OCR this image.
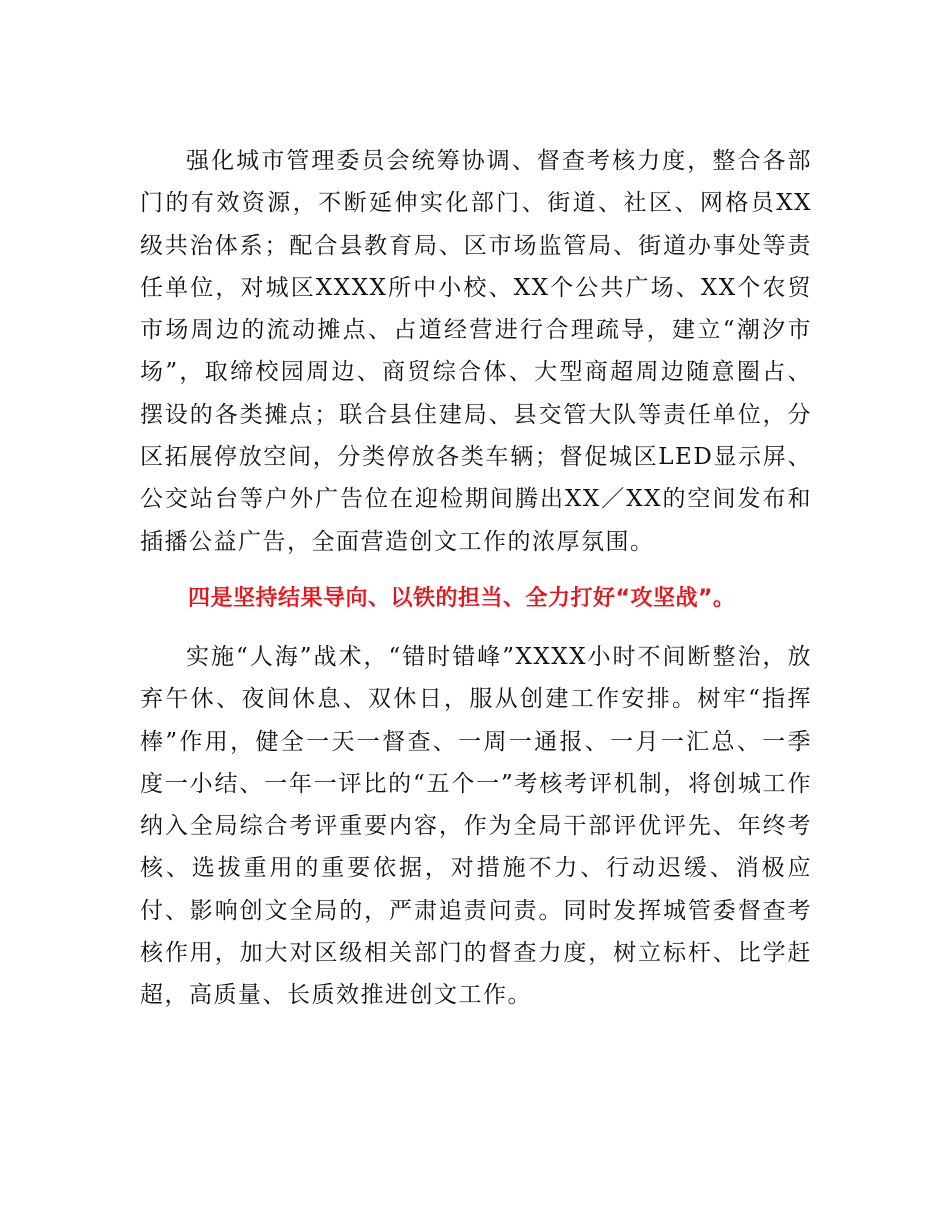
强化城市管理委员会统筹协调、督查考核力度，整合各部门的有效资源，不断延伸实化部门、街道、社区、网格员XX级共治体系；配合县教育局、区市场监管局、街道办事处等责任单位，对城区XXXX所中小校、XX个公共广场、XX个农贸市场周边的流动摊点、占道经营进行合理疏导，建立“潮汐市场”，取缔校园周边、商贸综合体、大型商超周边随意圈占、摆设的各类摊点；联合县住建局、县交管大队等责任单位，分区拓展停放空间，分类停放各类车辆；督促城区LED显示屏、公交站台等户外广告位在迎检期间腾出XX／XX的空间发布和插播公益广告，全面营造创文工作的浓厚氛围。

四是坚持结果导向、以铁的担当、全力打好“攻坚战”。

实施“人海”战术，“错时错峰”XXXX小时不间断整治，放弃午休、夜间休息、双休日，服从创建工作安排。树牢“指挥棒”作用，健全一天一督查、一周一通报、一月一汇总、一季度一小结、一年一评比的“五个一”考核考评机制，将创城工作纳入全局综合考评重要内容，作为全局干部评优评先、年终考核、选拔重用的重要依据，对措施不力、行动迟缓、消极应付、影响创文全局的，严肃追责问责。同时发挥城管委督查考核作用，加大对区级相关部门的督查力度，树立标杆、比学赶超，高质量、长质效推进创文工作。
